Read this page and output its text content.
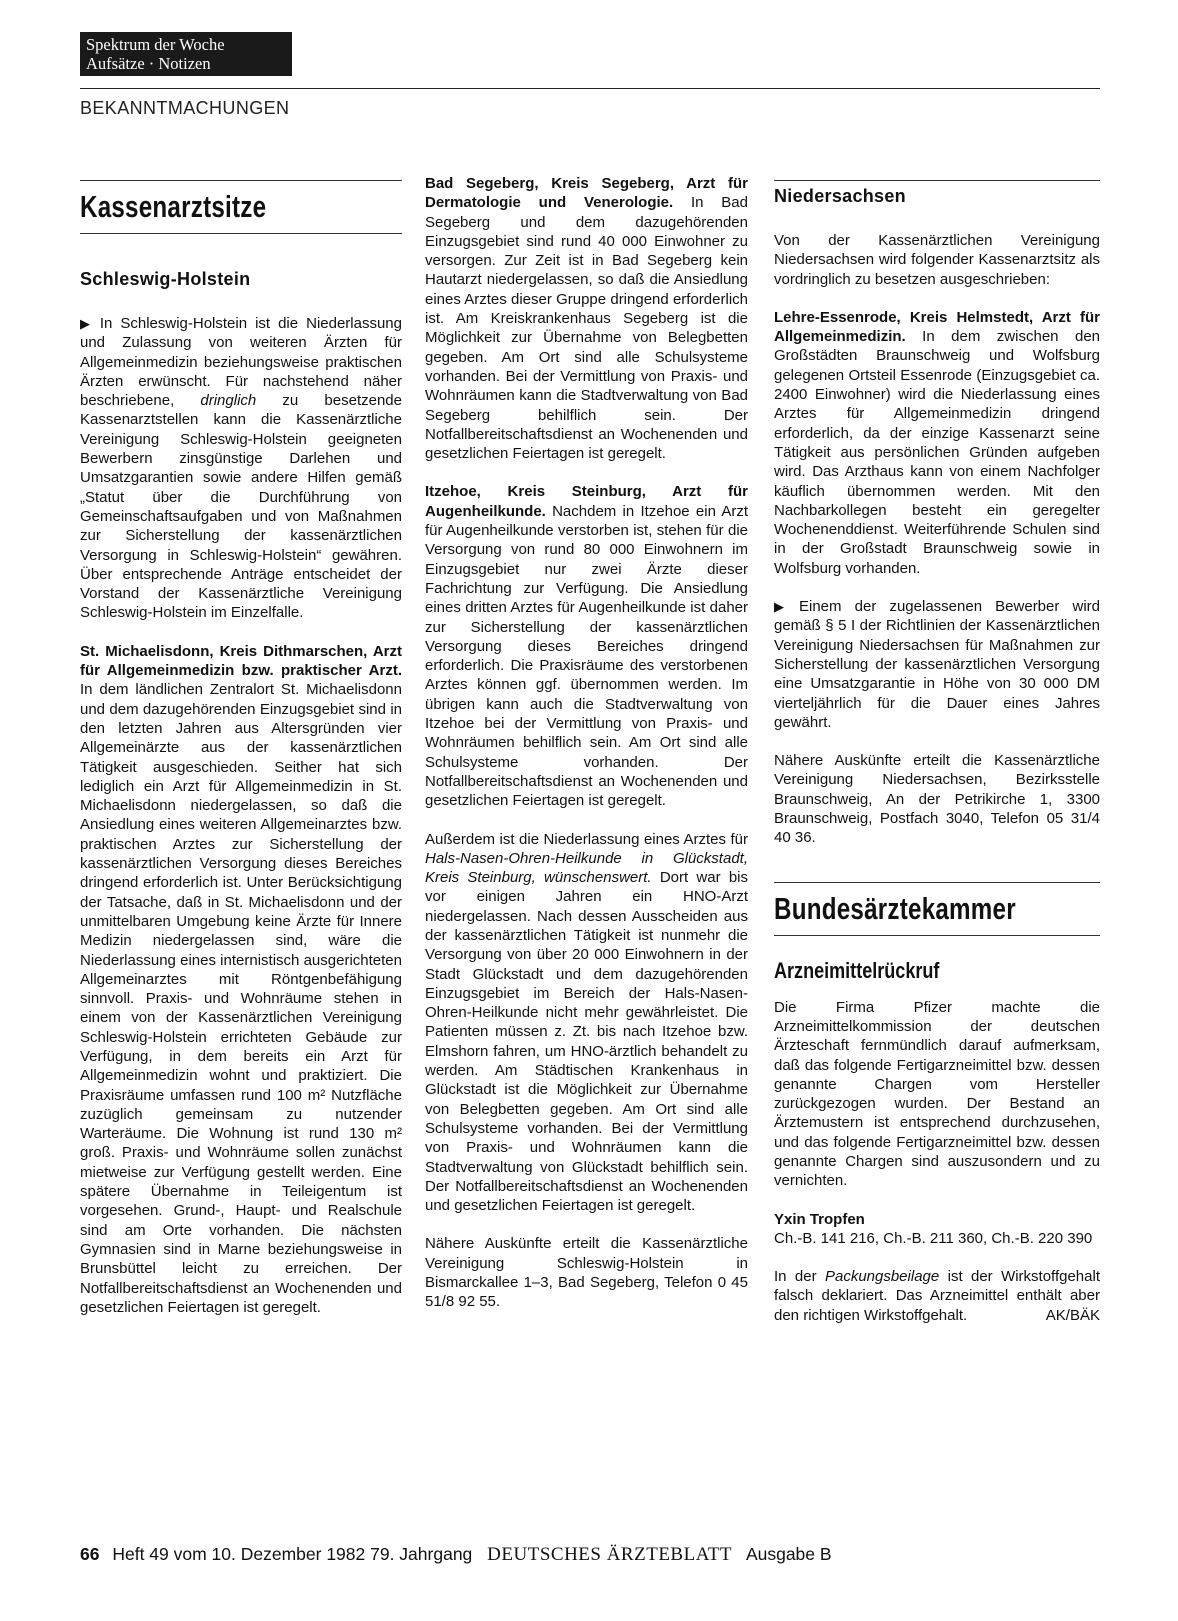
Spektrum der Woche
Aufsätze · Notizen
BEKANNTMACHUNGEN
Kassenarztsitze
Schleswig-Holstein

▶ In Schleswig-Holstein ist die Niederlassung und Zulassung von weiteren Ärzten für Allgemeinmedizin beziehungsweise praktischen Ärzten erwünscht. Für nachstehend näher beschriebene, dringlich zu besetzende Kassenarztstellen kann die Kassenärztliche Vereinigung Schleswig-Holstein geeigneten Bewerbern zinsgünstige Darlehen und Umsatzgarantien sowie andere Hilfen gemäß „Statut über die Durchführung von Gemeinschaftsaufgaben und von Maßnahmen zur Sicherstellung der kassenärztlichen Versorgung in Schleswig-Holstein“ gewähren. Über entsprechende Anträge entscheidet der Vorstand der Kassenärztliche Vereinigung Schleswig-Holstein im Einzelfalle.

St. Michaelisdonn, Kreis Dithmarschen, Arzt für Allgemeinmedizin bzw. praktischer Arzt. In dem ländlichen Zentralort St. Michaelisdonn und dem dazugehörenden Einzugsgebiet sind in den letzten Jahren aus Altersgründen vier Allgemeinärzte aus der kassenärztlichen Tätigkeit ausgeschieden. Seither hat sich lediglich ein Arzt für Allgemeinmedizin in St. Michaelisdonn niedergelassen, so daß die Ansiedlung eines weiteren Allgemeinarztes bzw. praktischen Arztes zur Sicherstellung der kassenärztlichen Versorgung dieses Bereiches dringend erforderlich ist. Unter Berücksichtigung der Tatsache, daß in St. Michaelisdonn und der unmittelbaren Umgebung keine Ärzte für Innere Medizin niedergelassen sind, wäre die Niederlassung eines internistisch ausgerichteten Allgemeinarztes mit Röntgenbefähigung sinnvoll. Praxis- und Wohnräume stehen in einem von der Kassenärztlichen Vereinigung Schleswig-Holstein errichteten Gebäude zur Verfügung, in dem bereits ein Arzt für Allgemeinmedizin wohnt und praktiziert. Die Praxisräume umfassen rund 100 m² Nutzfläche zuzüglich gemeinsam zu nutzender Warteräume. Die Wohnung ist rund 130 m² groß. Praxis- und Wohnräume sollen zunächst mietweise zur Verfügung gestellt werden. Eine spätere Übernahme in Teileigentum ist vorgesehen. Grund-, Haupt- und Realschule sind am Orte vorhanden. Die nächsten Gymnasien sind in Marne beziehungsweise in Brunsbüttel leicht zu erreichen. Der Notfallbereitschaftsdienst an Wochenenden und gesetzlichen Feiertagen ist geregelt.

Bad Segeberg, Kreis Segeberg, Arzt für Dermatologie und Venerologie. In Bad Segeberg und dem dazugehörenden Einzugsgebiet sind rund 40 000 Einwohner zu versorgen. Zur Zeit ist in Bad Segeberg kein Hautarzt niedergelassen, so daß die Ansiedlung eines Arztes dieser Gruppe dringend erforderlich ist. Am Kreiskrankenhaus Segeberg ist die Möglichkeit zur Übernahme von Belegbetten gegeben. Am Ort sind alle Schulsysteme vorhanden. Bei der Vermittlung von Praxis- und Wohnräumen kann die Stadtverwaltung von Bad Segeberg behilflich sein. Der Notfallbereitschaftsdienst an Wochenenden und gesetzlichen Feiertagen ist geregelt.

Itzehoe, Kreis Steinburg, Arzt für Augenheilkunde. Nachdem in Itzehoe ein Arzt für Augenheilkunde verstorben ist, stehen für die Versorgung von rund 80 000 Einwohnern im Einzugsgebiet nur zwei Ärzte dieser Fachrichtung zur Verfügung. Die Ansiedlung eines dritten Arztes für Augenheilkunde ist daher zur Sicherstellung der kassenärztlichen Versorgung dieses Bereiches dringend erforderlich. Die Praxisräume des verstorbenen Arztes können ggf. übernommen werden. Im übrigen kann auch die Stadtverwaltung von Itzehoe bei der Vermittlung von Praxis- und Wohnräumen behilflich sein. Am Ort sind alle Schulsysteme vorhanden. Der Notfallbereitschaftsdienst an Wochenenden und gesetzlichen Feiertagen ist geregelt.

Außerdem ist die Niederlassung eines Arztes für Hals-Nasen-Ohren-Heilkunde in Glückstadt, Kreis Steinburg, wünschenswert. Dort war bis vor einigen Jahren ein HNO-Arzt niedergelassen. Nach dessen Ausscheiden aus der kassenärztlichen Tätigkeit ist nunmehr die Versorgung von über 20 000 Einwohnern in der Stadt Glückstadt und dem dazugehörenden Einzugsgebiet im Bereich der Hals-Nasen-Ohren-Heilkunde nicht mehr gewährleistet. Die Patienten müssen z. Zt. bis nach Itzehoe bzw. Elmshorn fahren, um HNO-ärztlich behandelt zu werden. Am Städtischen Krankenhaus in Glückstadt ist die Möglichkeit zur Übernahme von Belegbetten gegeben. Am Ort sind alle Schulsysteme vorhanden. Bei der Vermittlung von Praxis- und Wohnräumen kann die Stadtverwaltung von Glückstadt behilflich sein. Der Notfallbereitschaftsdienst an Wochenenden und gesetzlichen Feiertagen ist geregelt.

Nähere Auskünfte erteilt die Kassenärztliche Vereinigung Schleswig-Holstein in Bismarckallee 1–3, Bad Segeberg, Telefon 0 45 51/8 92 55.

Niedersachsen

Von der Kassenärztlichen Vereinigung Niedersachsen wird folgender Kassenarztsitz als vordringlich zu besetzen ausgeschrieben:

Lehre-Essenrode, Kreis Helmstedt, Arzt für Allgemeinmedizin. In dem zwischen den Großstädten Braunschweig und Wolfsburg gelegenen Ortsteil Essenrode (Einzugsgebiet ca. 2400 Einwohner) wird die Niederlassung eines Arztes für Allgemeinmedizin dringend erforderlich, da der einzige Kassenarzt seine Tätigkeit aus persönlichen Gründen aufgeben wird. Das Arzthaus kann von einem Nachfolger käuflich übernommen werden. Mit den Nachbarkollegen besteht ein geregelter Wochenenddienst. Weiterführende Schulen sind in der Großstadt Braunschweig sowie in Wolfsburg vorhanden.

▶ Einem der zugelassenen Bewerber wird gemäß § 5 I der Richtlinien der Kassenärztlichen Vereinigung Niedersachsen für Maßnahmen zur Sicherstellung der kassenärztlichen Versorgung eine Umsatzgarantie in Höhe von 30 000 DM vierteljährlich für die Dauer eines Jahres gewährt.

Nähere Auskünfte erteilt die Kassenärztliche Vereinigung Niedersachsen, Bezirksstelle Braunschweig, An der Petrikirche 1, 3300 Braunschweig, Postfach 3040, Telefon 05 31/4 40 36.

Bundesärztekammer
Arzneimittelrückruf

Die Firma Pfizer machte die Arzneimittelkommission der deutschen Ärzteschaft fernmündlich darauf aufmerksam, daß das folgende Fertigarzneimittel bzw. dessen genannte Chargen vom Hersteller zurückgezogen wurden. Der Bestand an Ärztemustern ist entsprechend durchzusehen, und das folgende Fertigarzneimittel bzw. dessen genannte Chargen sind auszusondern und zu vernichten.

Yxin Tropfen

Ch.-B. 141 216, Ch.-B. 211 360, Ch.-B. 220 390

In der Packungsbeilage ist der Wirkstoffgehalt falsch deklariert. Das Arzneimittel enthält aber den richtigen Wirkstoffgehalt.	AK/BÄK

66 Heft 49 vom 10. Dezember 1982 79. Jahrgang DEUTSCHES ÄRZTEBLATT Ausgabe B
